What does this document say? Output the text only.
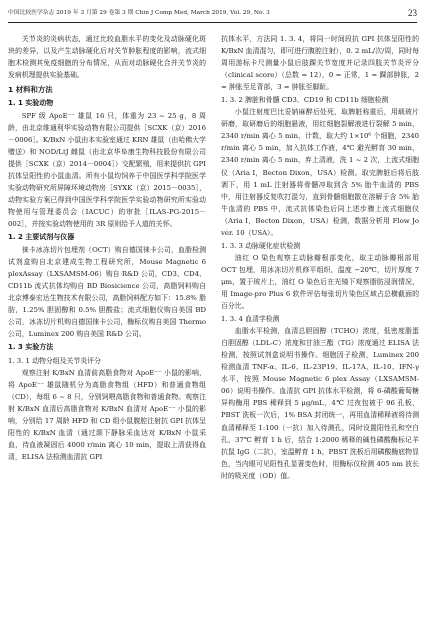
中国比较医学杂志 2019 年 3 月第 29 卷第 3 期 Chin J Comp Med, March 2019, Vol. 29, No. 3	23

关节炎的炎病状态，通过比较血脂水平的变化及动脉硬化斑块的差异，以及产生动脉硬化后对关节肿胀程度的影响，流式细胞术检测其免疫细胞的分布情况，从而对动脉硬化合并关节炎的发病机理提供实验基础。

1 材料和方法
1. 1 实验动物

SPF 级 ApoE⁻⁻ 雄鼠 16 只，体重为 23 ~ 25 g，8 周龄，由北京维通利华实验动物有限公司提供［SCXK（京）2016－0006］。K/BxN 小鼠由本实验室通过 KRN 雄鼠（由哈佛大学赠送）和 NOD/LtJ 雌鼠（由北京华阜康生物科技股份有限公司提供［SCXK（京）2014－0004］）交配繁殖，用来提供抗 GPI 抗体呈阳性的小鼠血清。所有小鼠均饲养于中国医学科学院医学实验动物研究所屏障环境动物房［SYXK（京）2015－0035］，动物实验方案已得到中国医学科学院医学实验动物研究所实验动物使用与管理委员会（IACUC）的审批［ILAS-PG-2015－002］，并按实验动物使用的 3R 原则给予人道的关怀。

1. 2 主要试剂与仪器

徕卡冰冻切片包埋剂（OCT）购自德国徕卡公司，血脂检测试剂盒购自北京建成生物工程研究所，Mouse Magnetic 6 plexAssay（LXSAMSM-06）购自 R&D 公司，CD3、CD4、CD11b 流式抗体均购自 BD Biosicience 公司，高脂饲料购自北京博泰宏达生物技术有限公司，高脂饲料配方如下：15.8% 脂肪，1.25% 胆固醇和 0.5% 胆酸盐；流式细胞仪购自美国 BD 公司，冰冻切片机购自德国徕卡公司，酶标仪购自美国 Thermo 公司，Luminex 200 购自美国 R&D 公司。

1. 3 实验方法
1. 3. 1 动物分组及关节炎评分

观察注射 K/BxN 血清前高脂食物对 ApoE⁻⁻ 小鼠的影响，将 ApoE⁻⁻ 雄鼠随机分为高脂食物组（HFD）和普通食物组（CD），每组 6 ~ 8 只，分别饲喂高脂食物和普通食物。观察注射 K/BxN 血清后高脂食物对 K/BxN 血清对 ApoE⁻⁻ 小鼠的影响，分别给 17 周龄 HFD 和 CD 组小鼠腹腔注射抗 GPI 抗体呈阳性的 K/BxN 血清（通过颌下静脉采血达对 K/BxN 小鼠采血，待血液凝固后 4000 r/min 离心 10 min，提取上清获得血清，ELISA 法检测血清抗 GPI

抗体水平，方法同 1. 3. 4，将同一时间段抗 GPI 抗体呈阳性的 K/BxN 血清混匀，即可进行腹腔注射），0. 2 mL/次/周，同时每周用游标卡尺测量小鼠后肢踝关节宽度并记录四肢关节炎评分（clinical score）（总数 = 12），0 = 正常，1 = 踝部肿胀，2 = 肿胀至足背部，3 = 肿胀至脚趾。

1. 3. 2 脾脏和骨髓 CD3、CD19 和 CD11b 细胞检测

小鼠注射度巴比妥钠麻醉后处死，取脾脏称重后，用载玻片研磨，取研磨后的细胞悬液，用红细胞裂解液进行裂解 5 min，2340 r/min 离心 5 min，计数，取大约 1×10⁶ 个细胞，2340 r/min 离心 5 min，加入抗体工作液，4℃ 避光孵育 30 min，2340 r/min 离心 5 min，弃上清液，洗 1 ~ 2 次，上流式细胞仪（Aria Ⅰ，Becton Dixon，USA）检测。取完脾脏后将后肢剥下，用 1 mL 注射器将骨髓冲取到含 5% 胎牛血清的 PBS 中，用注射器反复吹打混匀，直到骨髓细胞散在溶解于含 5% 胎牛血清的 PBS 中，流式抗体染色后同上述步骤上流式细胞仪（Aria Ⅰ，Becton Dixon，USA）检测，数据分析用 Flow Jo ver. 10（USA）。

1. 3. 3 动脉硬化症状检测

油红 O 染色观察主动脉瓣根部变化，取主动脉瓣根部用 OCT 包埋，用冰冻切片机修平组织，温度 −20℃，切片厚度 7 μm，置于玻片上，油红 O 染色后在光镜下观察脂肪浸润情况，用 Image-pro Plus 6 软件评估每张切片染色区域占总横截面的百分比。

1. 3. 4 血清学检测

血脂水平检测，血清总胆固醇（TCHO）浓度，低密度脂蛋白胆固醇（LDL-C）浓度和甘油三酯（TG）浓度通过 ELISA 法检测，按照试剂盒说明书操作。细胞因子检测，Luminex 200 检测血清 TNF-α、IL-6、IL-23P19、IL-17A、IL-10、IFN-γ 水平，按照 Mouse Magnetic 6 plex Assay（LXSAMSM-06）说明书操作。血清抗 GPI 抗体水平检测，将 6-磷酸葡萄糖异构酶用 PBS 稀释到 5 μg/mL，4℃ 过夜包被于 96 孔板，PBST 洗板一次后，1% BSA 封闭统一，再用血清稀释液将待测血清稀释至 1:100（一抗）加入待测孔，同时设置阳性孔和空白孔，37℃ 孵育 1 h 后，结合 1:2000 稀释的碱性磷酸酶标记羊抗鼠 IgG（二抗），室温孵育 1 h，PBST 洗板后用磷酸酶底物显色，当内眼可见阳性孔显著变色时，用酶标仪检测 405 nm 波长时的吸光度（OD）值。
